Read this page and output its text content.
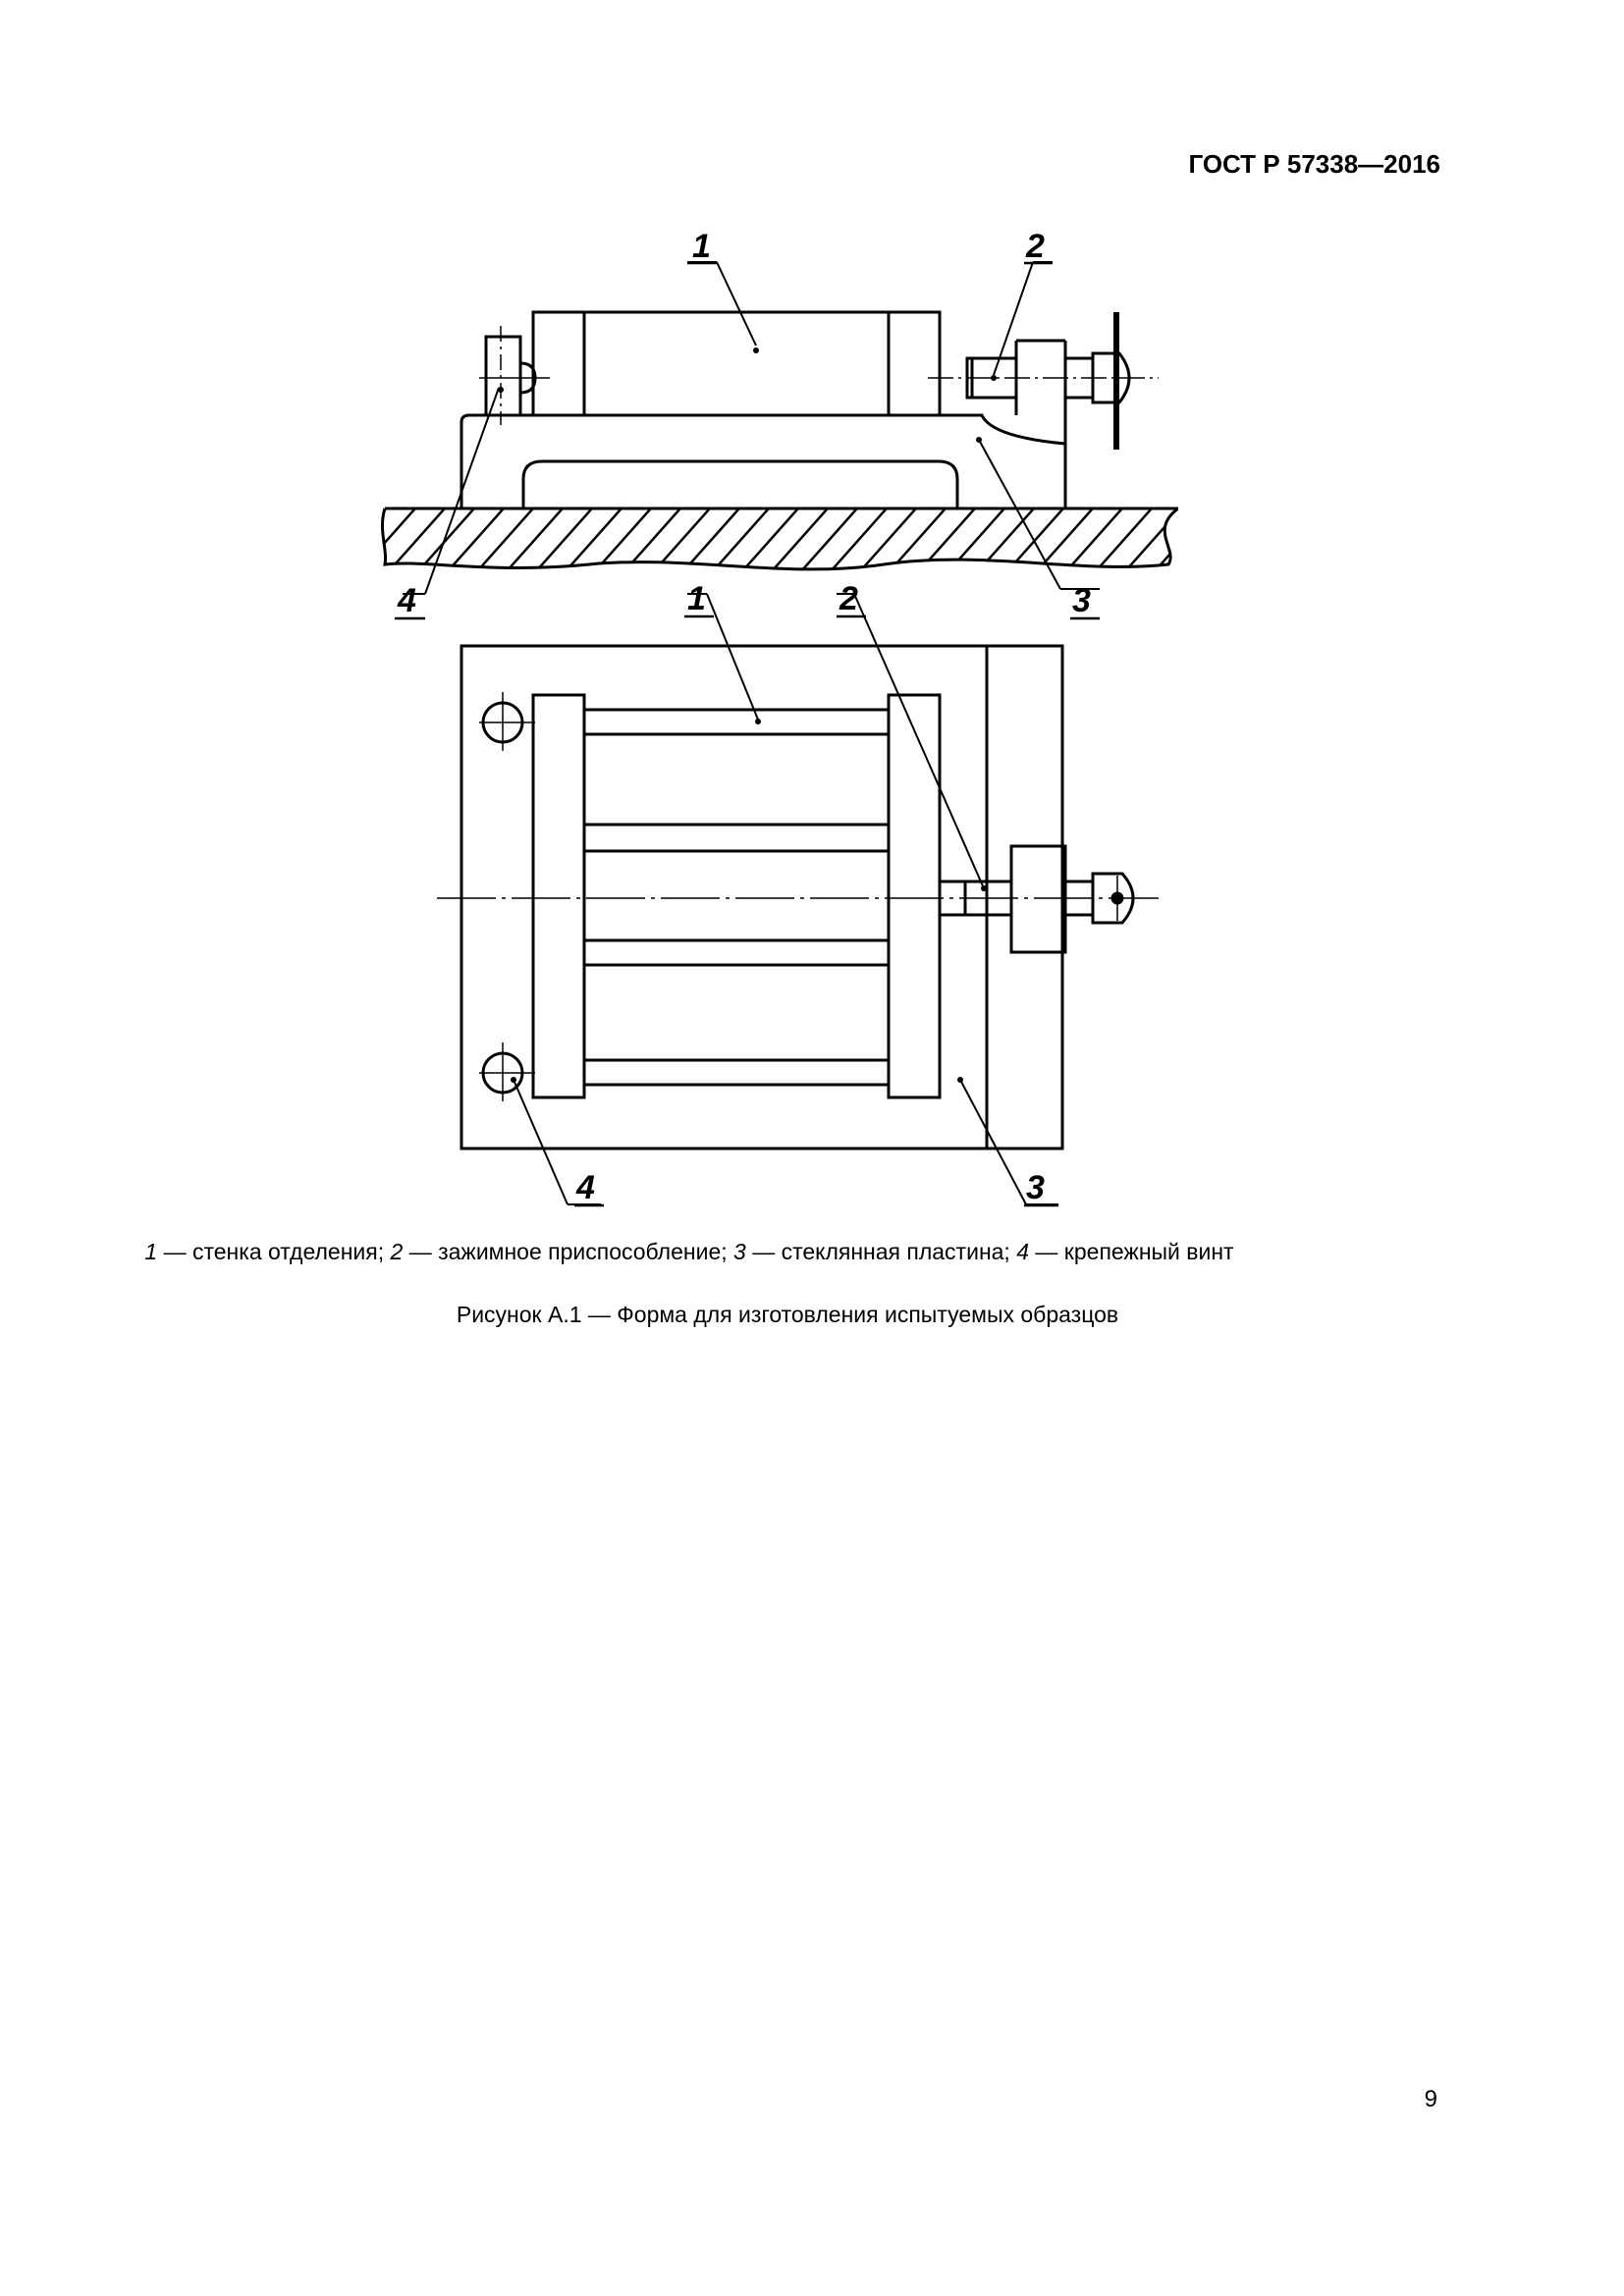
ГОСТ Р 57338—2016
1	2
3
4	1	2
3
4

1 — стенка отделения; 2 — зажимное приспособление; 3 — стеклянная пластина; 4 — крепежный винт

Рисунок А.1 — Форма для изготовления испытуемых образцов

9
